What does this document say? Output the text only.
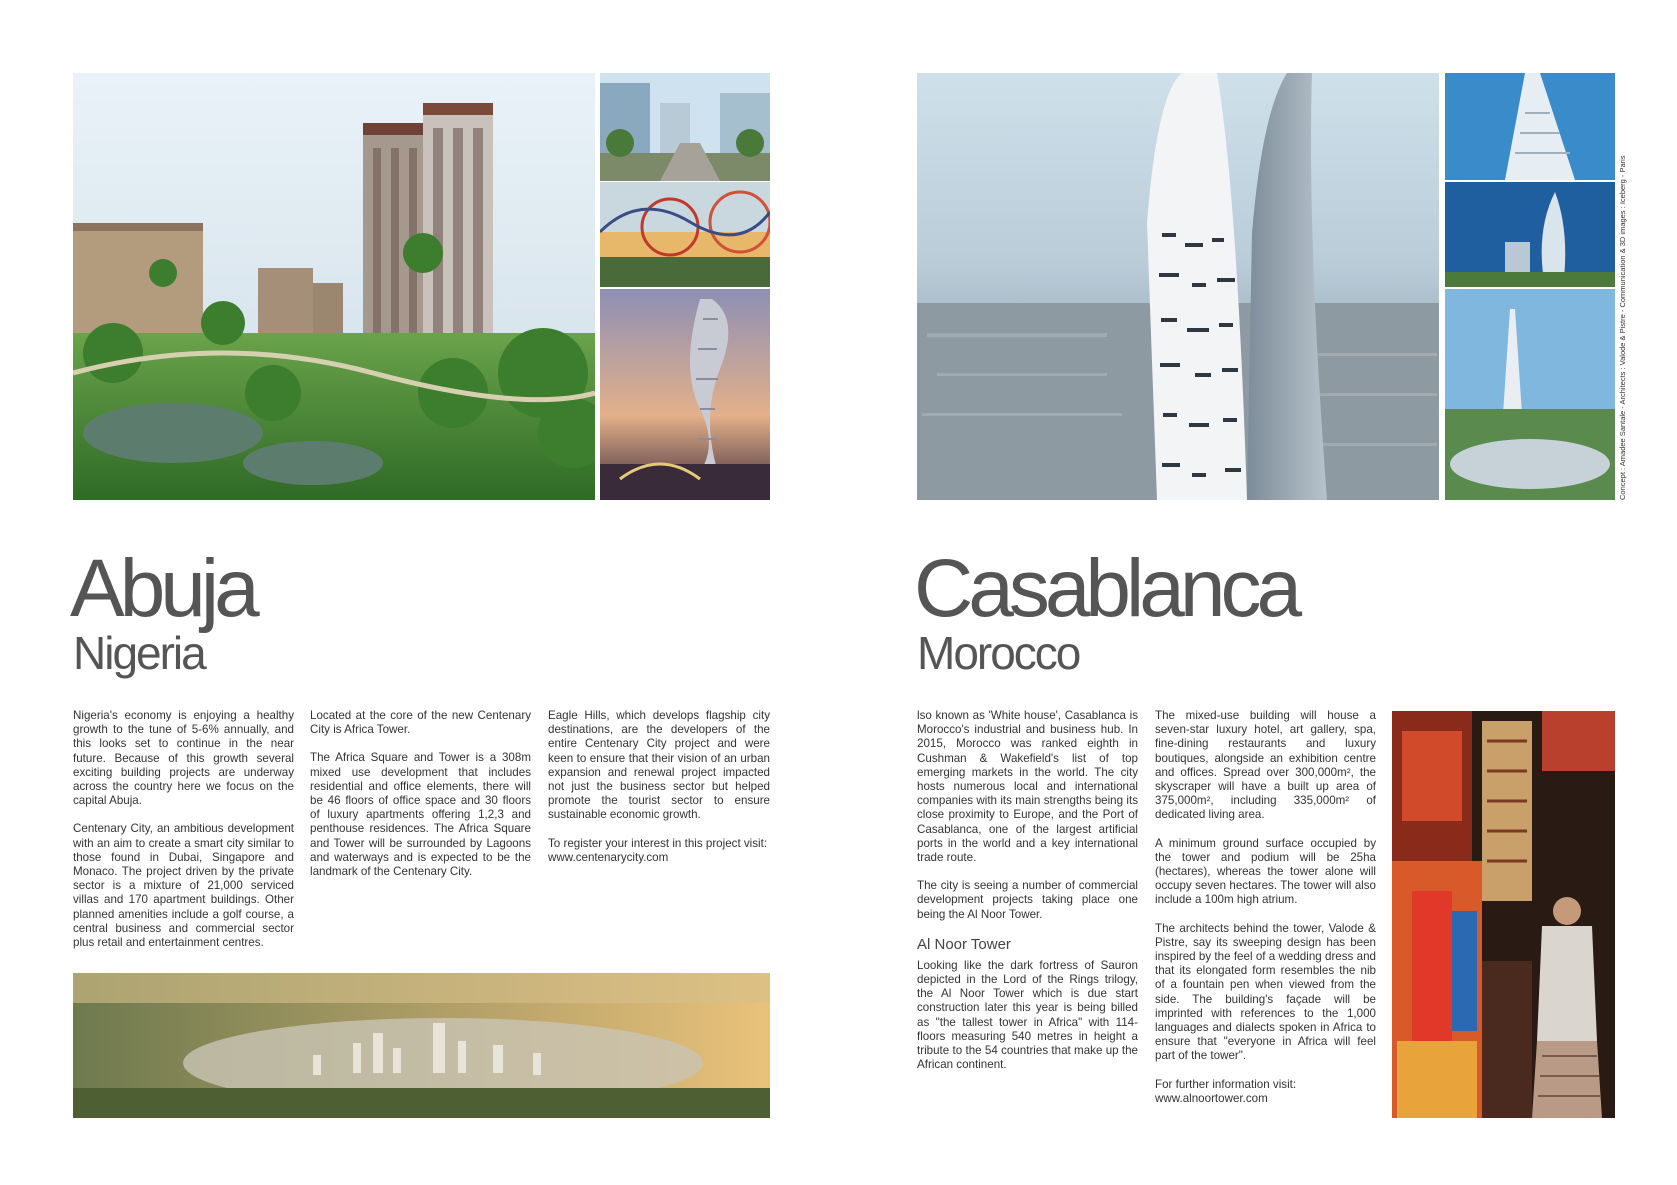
Abuja
Nigeria

Nigeria's economy is enjoying a healthy growth to the tune of 5-6% annually, and this looks set to continue in the near future. Because of this growth several exciting building projects are underway across the country here we focus on the capital Abuja.

Centenary City, an ambitious development with an aim to create a smart city similar to those found in Dubai, Singapore and Monaco. The project driven by the private sector is a mixture of 21,000 serviced villas and 170 apartment buildings. Other planned amenities include a golf course, a central business and commercial sector plus retail and entertainment centres.

Located at the core of the new Centenary City is Africa Tower.

The Africa Square and Tower is a 308m mixed use development that includes residential and office elements, there will be 46 floors of office space and 30 floors of luxury apartments offering 1,2,3 and penthouse residences. The Africa Square and Tower will be surrounded by Lagoons and waterways and is expected to be the landmark of the Centenary City.

Eagle Hills, which develops flagship city destinations, are the developers of the entire Centenary City project and were keen to ensure that their vision of an urban expansion and renewal project impacted not just the business sector but helped promote the tourist sector to ensure sustainable economic growth.

To register your interest in this project visit:

www.centenarycity.com

Concept : Amadee Santale - Architects : Valode & Pistre - Communication & 3D images : Iceberg - Paris
Casablanca
Morocco

lso known as 'White house', Casablanca is Morocco's industrial and business hub. In 2015, Morocco was ranked eighth in Cushman & Wakefield's list of top emerging markets in the world. The city hosts numerous local and international companies with its main strengths being its close proximity to Europe, and the Port of Casablanca, one of the largest artificial ports in the world and a key international trade route.

The city is seeing a number of commercial development projects taking place one being the Al Noor Tower.

Al Noor Tower

Looking like the dark fortress of Sauron depicted in the Lord of the Rings trilogy, the Al Noor Tower which is due start construction later this year is being billed as "the tallest tower in Africa" with 114-floors measuring 540 metres in height a tribute to the 54 countries that make up the African continent.

The mixed-use building will house a seven-star luxury hotel, art gallery, spa, fine-dining restaurants and luxury boutiques, alongside an exhibition centre and offices. Spread over 300,000m², the skyscraper will have a built up area of 375,000m², including 335,000m² of dedicated living area.

A minimum ground surface occupied by the tower and podium will be 25ha (hectares), whereas the tower alone will occupy seven hectares. The tower will also include a 100m high atrium.

The architects behind the tower, Valode & Pistre, say its sweeping design has been inspired by the feel of a wedding dress and that its elongated form resembles the nib of a fountain pen when viewed from the side. The building's façade will be imprinted with references to the 1,000 languages and dialects spoken in Africa to ensure that "everyone in Africa will feel part of the tower".

For further information visit:

www.alnoortower.com
